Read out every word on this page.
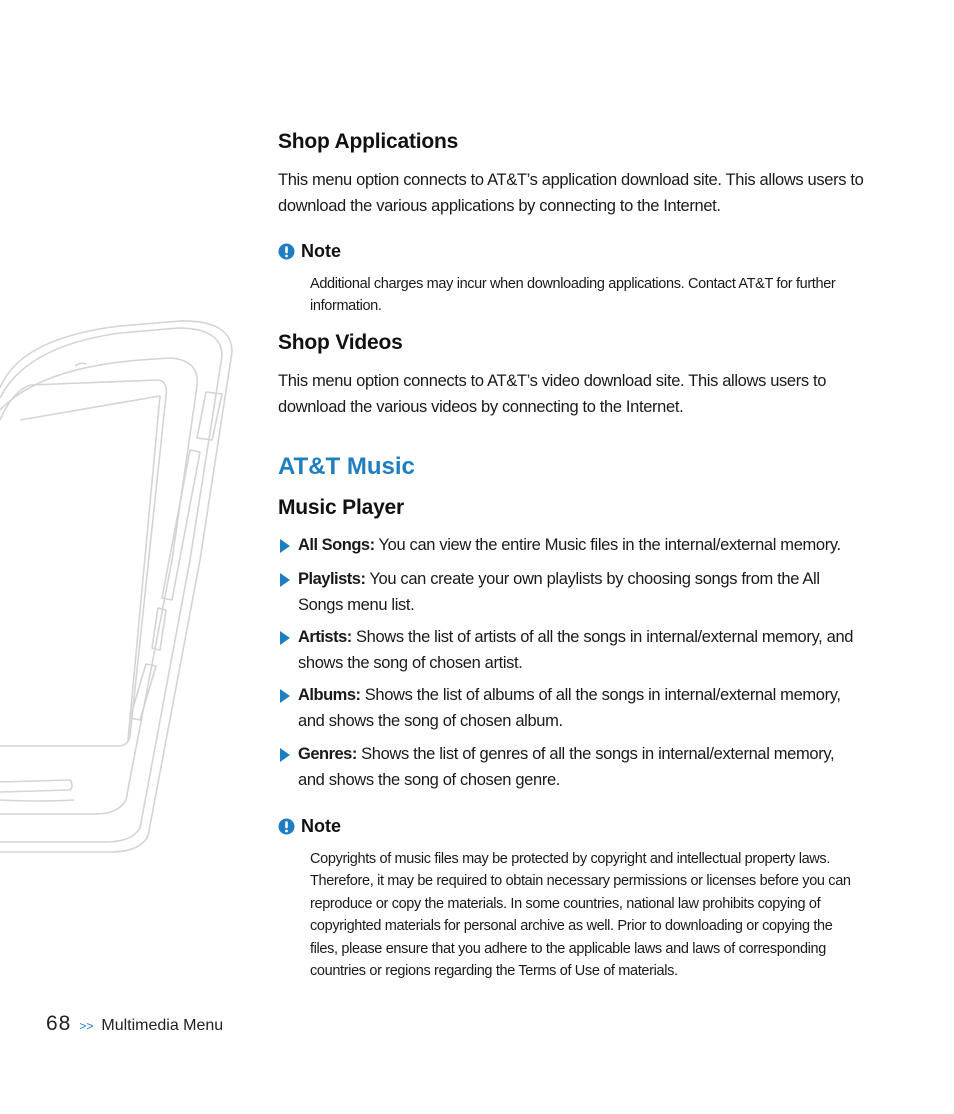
Shop Applications

This menu option connects to AT&T’s application download site. This allows users to download the various applications by connecting to the Internet.

Note

Additional charges may incur when downloading applications. Contact AT&T for further information.

Shop Videos

This menu option connects to AT&T’s video download site. This allows users to download the various videos by connecting to the Internet.

AT&T Music
Music Player
All Songs: You can view the entire Music files in the internal/external memory.
Playlists: You can create your own playlists by choosing songs from the All Songs menu list.
Artists: Shows the list of artists of all the songs in internal/external memory, and shows the song of chosen artist.
Albums: Shows the list of albums of all the songs in internal/external memory, and shows the song of chosen album.
Genres: Shows the list of genres of all the songs in internal/external memory, and shows the song of chosen genre.
Note

Copyrights of music files may be protected by copyright and intellectual property laws. Therefore, it may be required to obtain necessary permissions or licenses before you can reproduce or copy the materials. In some countries, national law prohibits copying of copyrighted materials for personal archive as well. Prior to downloading or copying the files, please ensure that you adhere to the applicable laws and laws of corresponding countries or regions regarding the Terms of Use of materials.

68 >> Multimedia Menu
